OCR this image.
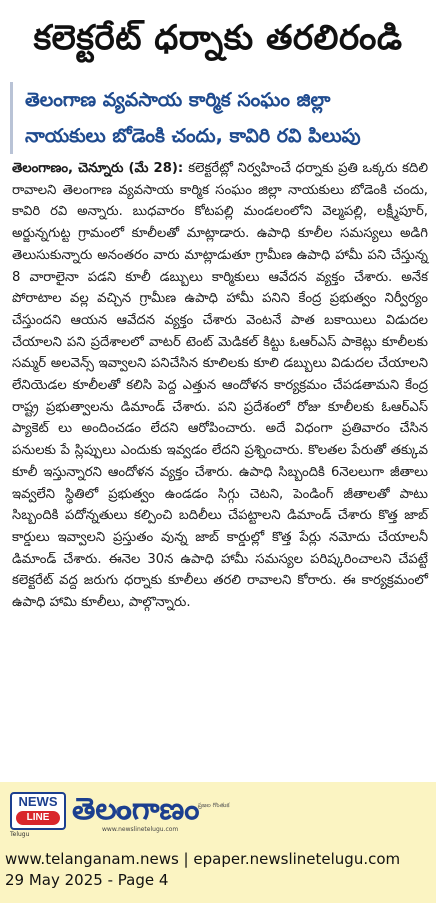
కలెక్టరేట్ ధర్నాకు తరలిరండి
తెలంగాణ వ్యవసాయ కార్మిక సంఘం జిల్లా
నాయకులు బోడెంకి చందు, కావిరి రవి పిలుపు

తెలంగాణం, చెన్నూరు (మే 28): కలెక్టరేట్లో నిర్వహించే ధర్నాకు ప్రతి ఒక్కరు కదిలి రావాలని తెలంగాణ వ్యవసాయ కార్మిక సంఘం జిల్లా నాయకులు బోడెంకి చందు, కావిరి రవి అన్నారు. బుధవారం కోటపల్లి మండలంలోని వెల్మపల్లి, లక్ష్మీపూర్, అర్జున్నగుట్ట గ్రామంలో కూలీలతో మాట్లాడారు. ఉపాధి కూలీల సమస్యలు అడిగి తెలుసుకున్నారు అనంతరం వారు మాట్లాడుతూ గ్రామీణ ఉపాధి హామీ పని చేస్తున్న 8 వారాలైనా పడని కూలీ డబ్బులు కార్మికులు ఆవేదన వ్యక్తం చేశారు. అనేక పోరాటాల వల్ల వచ్చిన గ్రామీణ ఉపాధి హామీ పనిని కేంద్ర ప్రభుత్వం నిర్వీర్యం చేస్తుందని ఆయన ఆవేదన వ్యక్తం చేశారు వెంటనే పాత బకాయిలు విడుదల చేయాలని పని ప్రదేశాలలో వాటర్ టెంట్ మెడికల్ కిట్టు ఓఆర్ఎస్ పాకెట్లు కూలీలకు సమ్మర్ అలవెన్స్ ఇవ్వాలని పనిచేసిన కూలిలకు కూలి డబ్బులు విడుదల చేయాలని లేనియెడల కూలీలతో కలిసి పెద్ద ఎత్తున ఆందోళన కార్యక్రమం చేపడతామని కేంద్ర రాష్ట్ర ప్రభుత్వాలను డిమాండ్ చేశారు. పని ప్రదేశంలో రోజు కూలీలకు ఓఆర్ఎస్ ప్యాకెట్ లు అందించడం లేదని ఆరోపించారు. అదే విధంగా ప్రతివారం చేసిన పనులకు పే స్లిప్పులు ఎందుకు ఇవ్వడం లేదని ప్రశ్నించారు. కొలతల పేరుతో తక్కువ కూలీ ఇస్తున్నారని ఆందోళన వ్యక్తం చేశారు. ఉపాధి సిబ్బందికి 6నెలలుగా జీతాలు ఇవ్వలేని స్థితిలో ప్రభుత్వం ఉండడం సిగ్గు చెటని, పెండింగ్ జీతాలతో పాటు సిబ్బందికి పదోన్నతులు కల్పించి బదిలీలు చేపట్టాలని డిమాండ్ చేశారు కొత్త జాబ్ కార్డులు ఇవ్వాలని ప్రస్తుతం వున్న జాబ్ కార్డుల్లో కొత్త పేర్లు నమోదు చేయాలనీ డిమాండ్ చేశారు. ఈనెల 30న ఉపాధి హామీ సమస్యల పరిష్కరించాలని చేపట్టే కలెక్టరేట్ వద్ద జరుగు ధర్నాకు కూలీలు తరలి రావాలని కోరారు. ఈ కార్యక్రమంలో ఉపాధి హామి కూలీలు, పాల్గొన్నారు.

NEWS
LINE
Telugu
తెలంగాణం
www.newslinetelugu.com
ప్రజల గొంతుక
www.telanganam.news | epaper.newslinetelugu.com
29 May 2025 - Page 4
